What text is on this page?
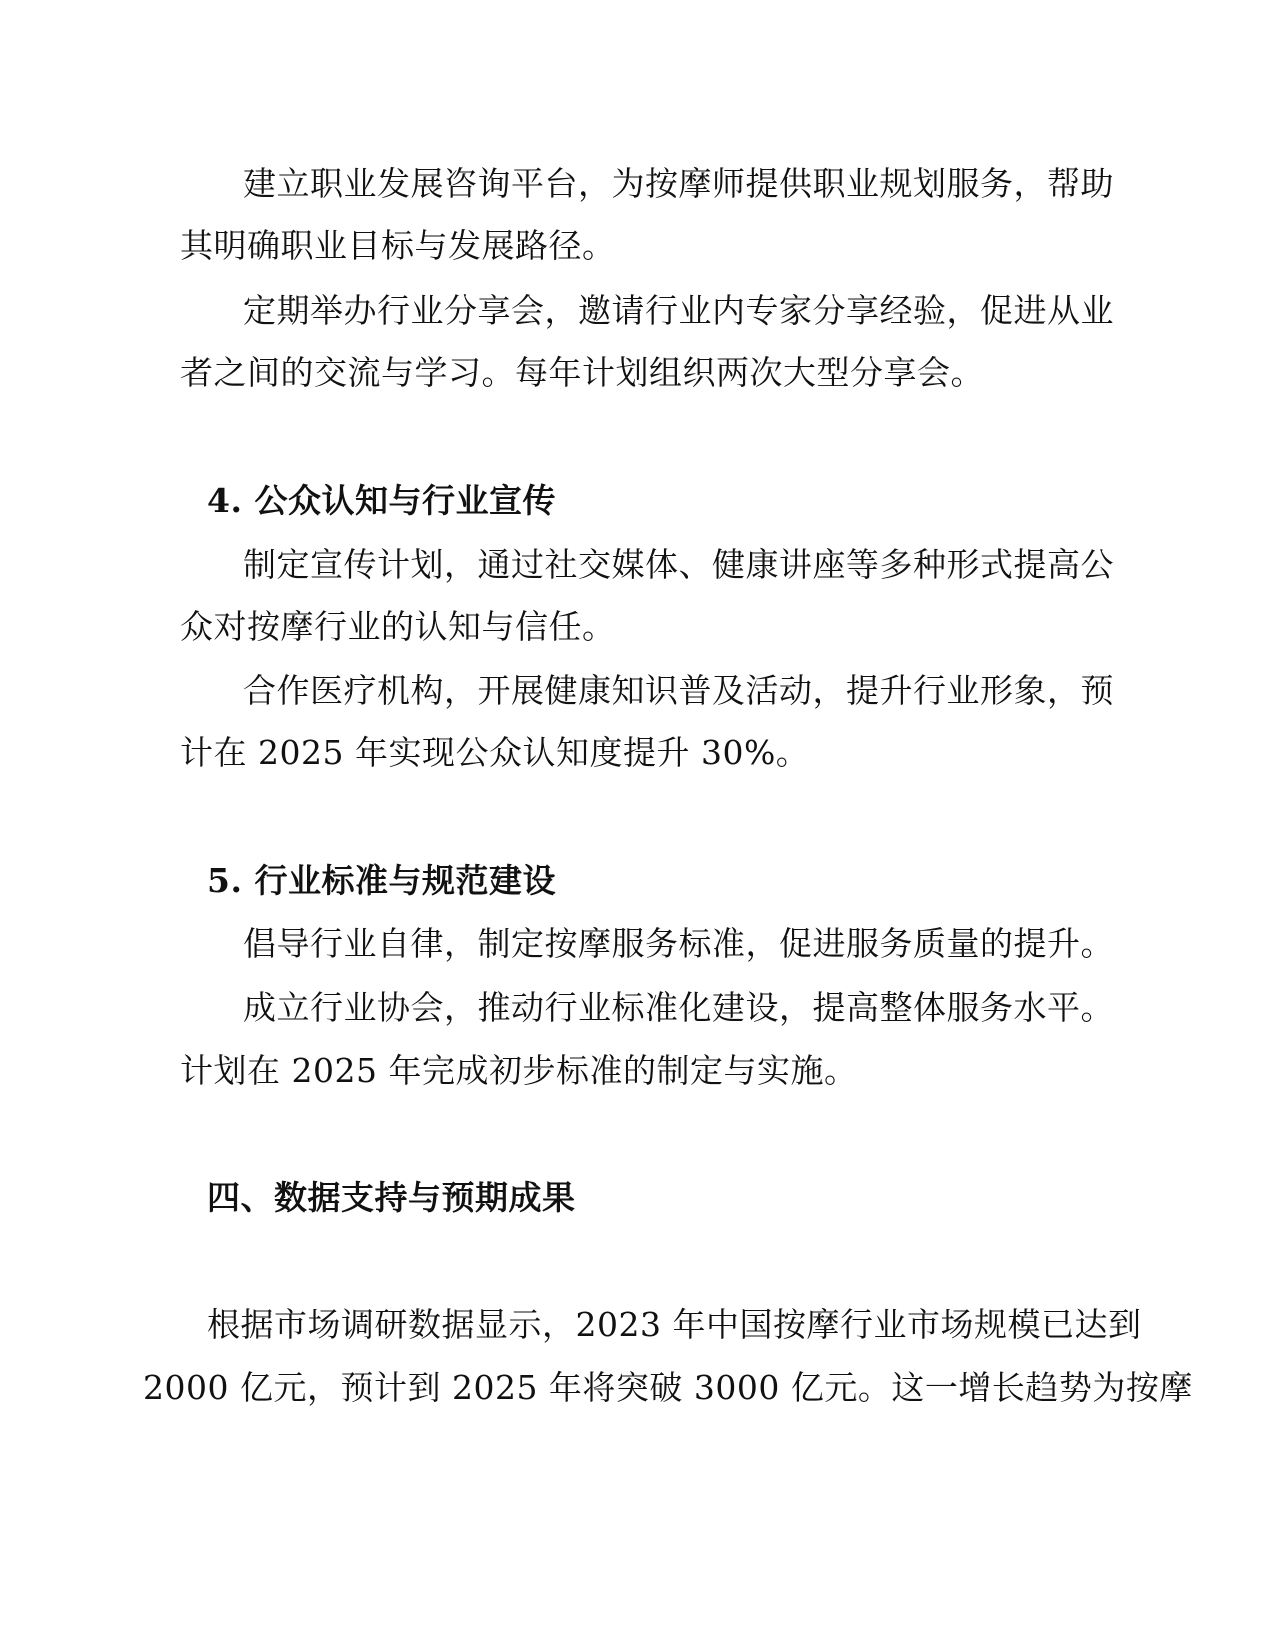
建立职业发展咨询平台，为按摩师提供职业规划服务，帮助
其明确职业目标与发展路径。
定期举办行业分享会，邀请行业内专家分享经验，促进从业
者之间的交流与学习。每年计划组织两次大型分享会。
4. 公众认知与行业宣传
制定宣传计划，通过社交媒体、健康讲座等多种形式提高公
众对按摩行业的认知与信任。
合作医疗机构，开展健康知识普及活动，提升行业形象，预
计在 2025 年实现公众认知度提升 30%。
5. 行业标准与规范建设
倡导行业自律，制定按摩服务标准，促进服务质量的提升。
成立行业协会，推动行业标准化建设，提高整体服务水平。
计划在 2025 年完成初步标准的制定与实施。
四、数据支持与预期成果
根据市场调研数据显示，2023 年中国按摩行业市场规模已达到
2000 亿元，预计到 2025 年将突破 3000 亿元。这一增长趋势为按摩
